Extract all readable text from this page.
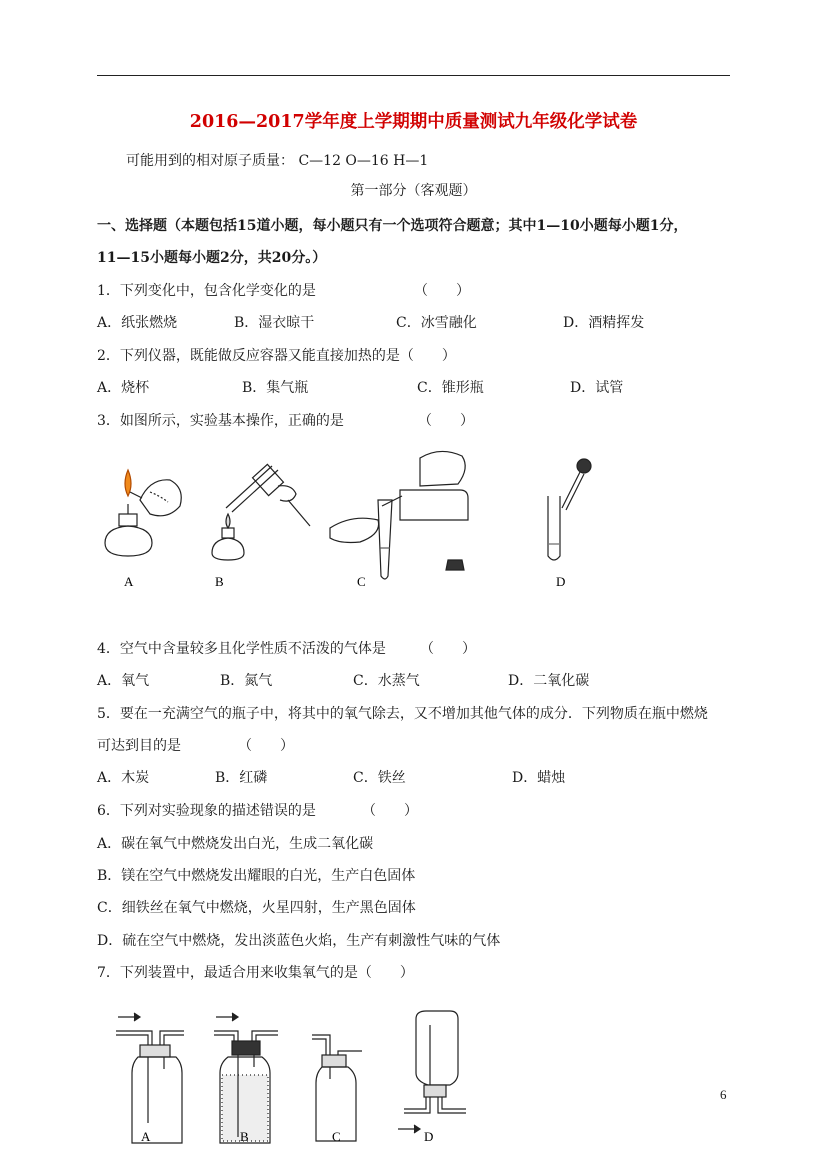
2016—2017学年度上学期期中质量测试九年级化学试卷
可能用到的相对原子质量： C—12 O—16 H—1
第一部分（客观题）
一、选择题（本题包括15道小题，每小题只有一个选项符合题意；其中1—10小题每小题1分，
11—15小题每小题2分，共20分。）
1．下列变化中，包含化学变化的是	（　　）
A．纸张燃烧	B．湿衣晾干	C．冰雪融化	D．酒精挥发
2．下列仪器，既能做反应容器又能直接加热的是（　　）
A．烧杯	B．集气瓶	C．锥形瓶	D．试管
3．如图所示，实验基本操作，正确的是	（　　）
A	B	C	D
4．空气中含量较多且化学性质不活泼的气体是 （　　）
A．氧气	B．氮气	C．水蒸气	D．二氧化碳
5．要在一充满空气的瓶子中，将其中的氧气除去，又不增加其他气体的成分．下列物质在瓶中燃烧
可达到目的是	（　　）
A．木炭	B．红磷	C．铁丝	D．蜡烛
6．下列对实验现象的描述错误的是	（　　）
A．碳在氧气中燃烧发出白光，生成二氧化碳
B．镁在空气中燃烧发出耀眼的白光，生产白色固体
C．细铁丝在氧气中燃烧，火星四射，生产黑色固体
D．硫在空气中燃烧，发出淡蓝色火焰，生产有刺激性气味的气体
7．下列装置中，最适合用来收集氧气的是（　　）
A	B	C	D
6
